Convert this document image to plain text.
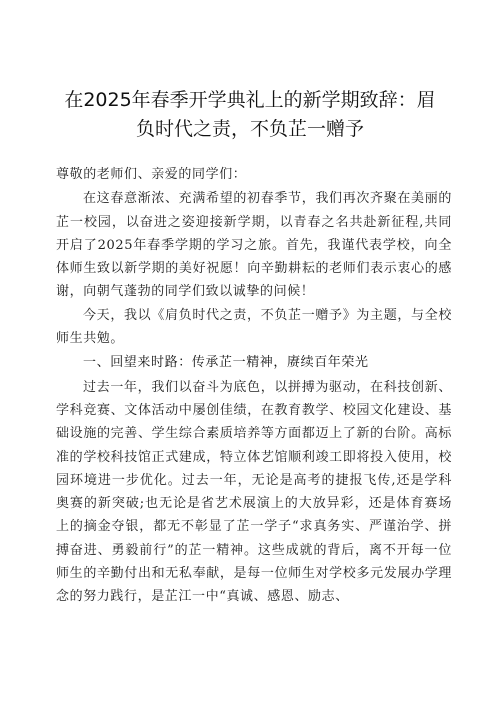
在2025年春季开学典礼上的新学期致辞：眉
负时代之责，不负芷一赠予

尊敬的老师们、亲爱的同学们：

在这春意渐浓、充满希望的初春季节，我们再次齐聚在美丽的芷一校园，以奋进之姿迎接新学期，以青春之名共赴新征程,共同开启了2025年春季学期的学习之旅。首先，我谨代表学校，向全体师生致以新学期的美好祝愿！向辛勤耕耘的老师们表示衷心的感谢，向朝气蓬勃的同学们致以诚挚的问候！

今天，我以《肩负时代之责，不负芷一赠予》为主题，与全校师生共勉。

一、回望来时路：传承芷一精神，赓续百年荣光

过去一年，我们以奋斗为底色，以拼搏为驱动，在科技创新、学科竞赛、文体活动中屡创佳绩，在教育教学、校园文化建设、基础设施的完善、学生综合素质培养等方面都迈上了新的台阶。高标准的学校科技馆正式建成，特立体艺馆顺利竣工即将投入使用，校园环境进一步优化。过去一年，无论是高考的捷报飞传,还是学科奥赛的新突破;也无论是省艺术展演上的大放异彩，还是体育赛场上的摘金夺银，都无不彰显了芷一学子“求真务实、严谨治学、拼搏奋进、勇毅前行”的芷一精神。这些成就的背后，离不开每一位师生的辛勤付出和无私奉献，是每一位师生对学校多元发展办学理念的努力践行，是芷江一中“真诚、感恩、励志、
